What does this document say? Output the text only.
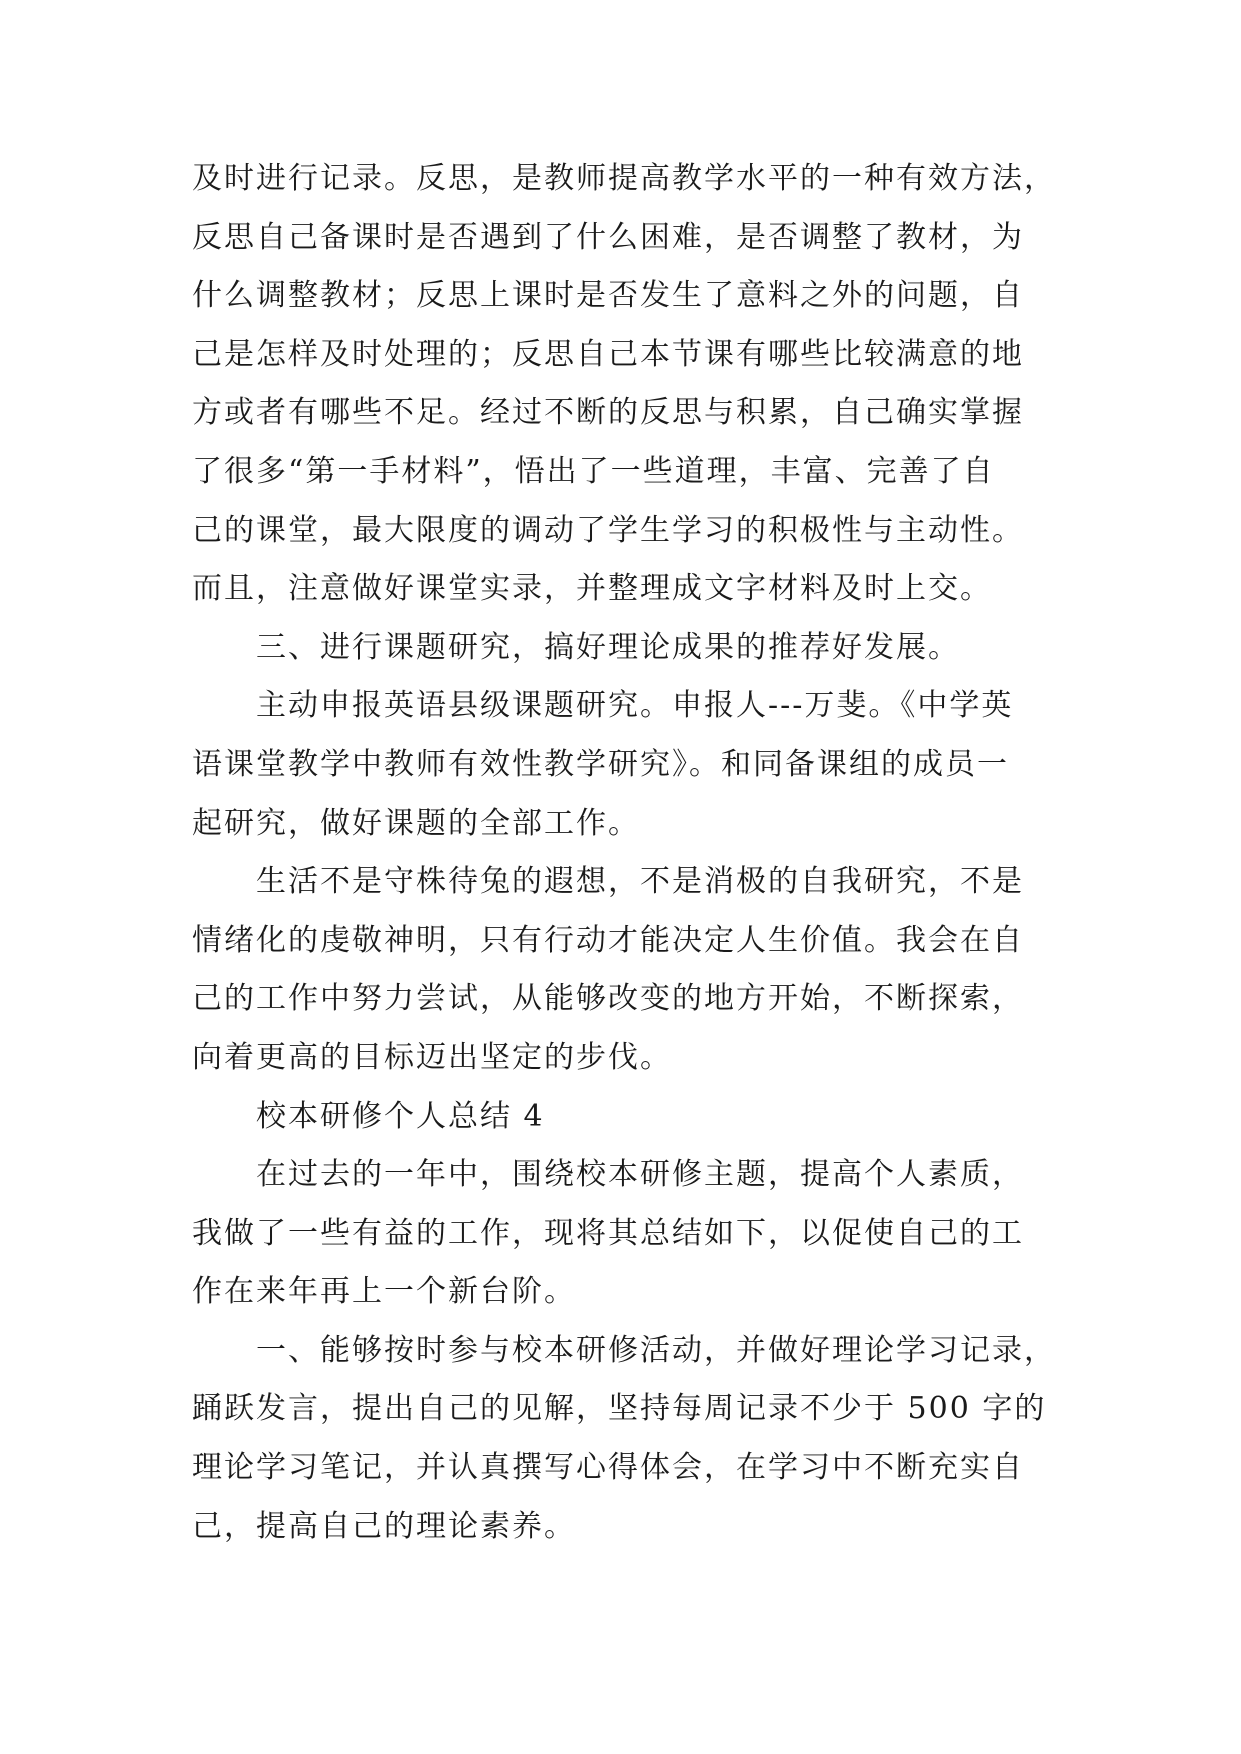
及时进行记录。反思，是教师提高教学水平的一种有效方法，
反思自己备课时是否遇到了什么困难，是否调整了教材，为
什么调整教材；反思上课时是否发生了意料之外的问题，自
己是怎样及时处理的；反思自己本节课有哪些比较满意的地
方或者有哪些不足。经过不断的反思与积累，自己确实掌握
了很多“第一手材料”，悟出了一些道理，丰富、完善了自
己的课堂，最大限度的调动了学生学习的积极性与主动性。
而且，注意做好课堂实录，并整理成文字材料及时上交。

三、进行课题研究，搞好理论成果的推荐好发展。

主动申报英语县级课题研究。申报人---万斐。《中学英
语课堂教学中教师有效性教学研究》。和同备课组的成员一
起研究，做好课题的全部工作。

生活不是守株待兔的遐想，不是消极的自我研究，不是
情绪化的虔敬神明，只有行动才能决定人生价值。我会在自
己的工作中努力尝试，从能够改变的地方开始，不断探索，
向着更高的目标迈出坚定的步伐。

校本研修个人总结 4

在过去的一年中，围绕校本研修主题，提高个人素质，
我做了一些有益的工作，现将其总结如下，以促使自己的工
作在来年再上一个新台阶。

一、能够按时参与校本研修活动，并做好理论学习记录，
踊跃发言，提出自己的见解，坚持每周记录不少于 500 字的
理论学习笔记，并认真撰写心得体会，在学习中不断充实自
己，提高自己的理论素养。
